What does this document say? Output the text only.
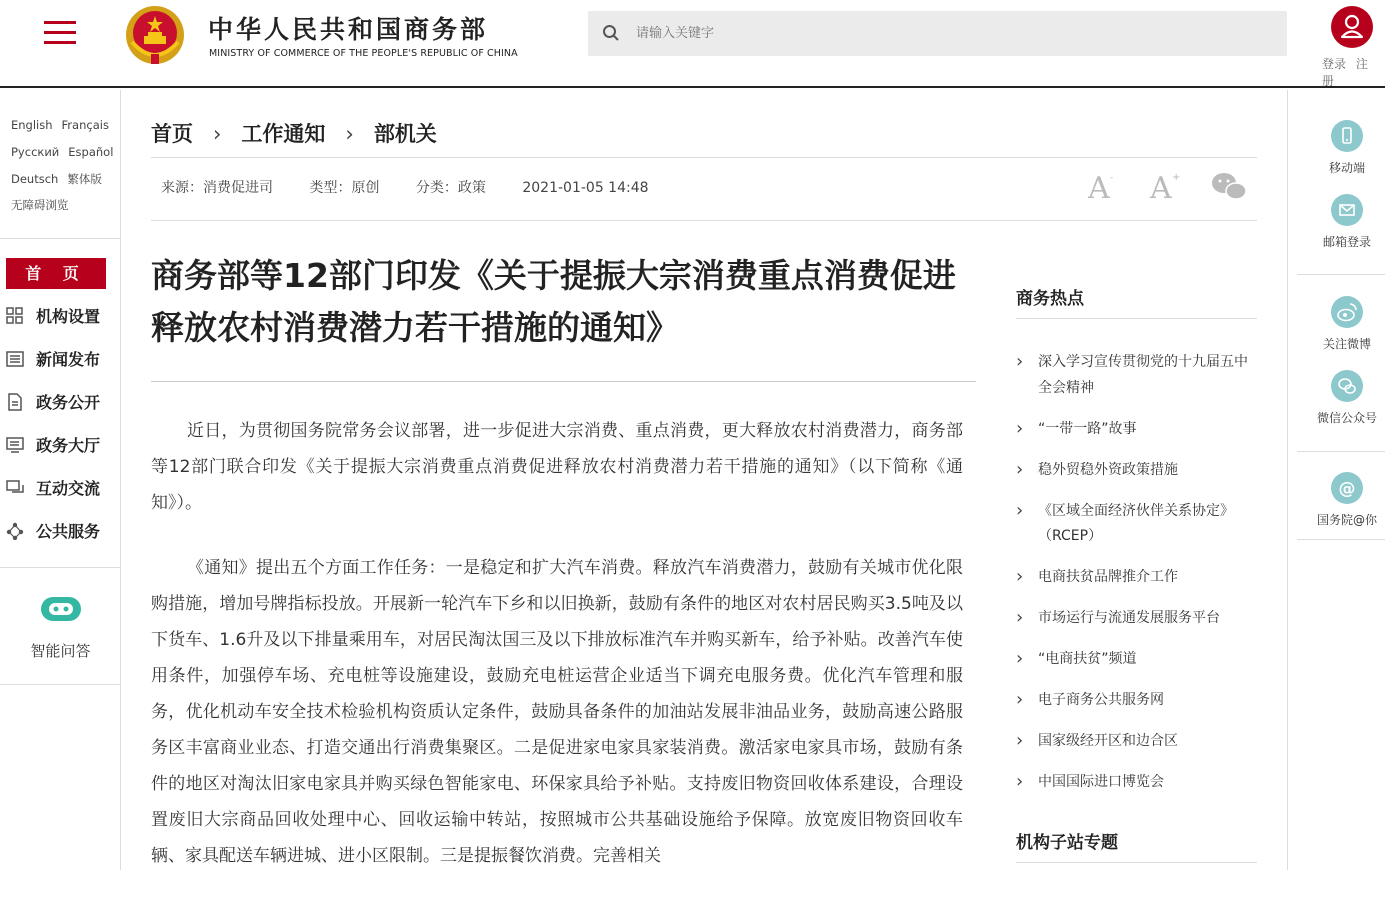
中华人民共和国商务部
MINISTRY OF COMMERCE OF THE PEOPLE'S REPUBLIC OF CHINA
请输入关键字
登录 注册
English Français
Русский Español
Deutsch 繁体版
无障碍浏览
首 页
机构设置
新闻发布
政务公开
政务大厅
互动交流
公共服务
智能问答
首页 › 工作通知 › 部机关
来源：消费促进司	类型：原创	分类：政策	2021-01-05 14:48	A - A +
商务部等12部门印发《关于提振大宗消费重点消费促进释放农村消费潜力若干措施的通知》

近日，为贯彻国务院常务会议部署，进一步促进大宗消费、重点消费，更大释放农村消费潜力，商务部等12部门联合印发《关于提振大宗消费重点消费促进释放农村消费潜力若干措施的通知》（以下简称《通知》）。

《通知》提出五个方面工作任务：一是稳定和扩大汽车消费。释放汽车消费潜力，鼓励有关城市优化限购措施，增加号牌指标投放。开展新一轮汽车下乡和以旧换新，鼓励有条件的地区对农村居民购买3.5吨及以下货车、1.6升及以下排量乘用车，对居民淘汰国三及以下排放标准汽车并购买新车，给予补贴。改善汽车使用条件，加强停车场、充电桩等设施建设，鼓励充电桩运营企业适当下调充电服务费。优化汽车管理和服务，优化机动车安全技术检验机构资质认定条件，鼓励具备条件的加油站发展非油品业务，鼓励高速公路服务区丰富商业业态、打造交通出行消费集聚区。二是促进家电家具家装消费。激活家电家具市场，鼓励有条件的地区对淘汰旧家电家具并购买绿色智能家电、环保家具给予补贴。支持废旧物资回收体系建设，合理设置废旧大宗商品回收处理中心、回收运输中转站，按照城市公共基础设施给予保障。放宽废旧物资回收车辆、家具配送车辆进城、进小区限制。三是提振餐饮消费。完善相关

商务热点
› 深入学习宣传贯彻党的十九届五中全会精神
› “一带一路”故事
› 稳外贸稳外资政策措施
› 《区域全面经济伙伴关系协定》（RCEP）
› 电商扶贫品牌推介工作
› 市场运行与流通发展服务平台
› “电商扶贫”频道
› 电子商务公共服务网
› 国家级经开区和边合区
› 中国国际进口博览会
机构子站专题
移动端
邮箱登录
关注微博
微信公众号
@
国务院@你
